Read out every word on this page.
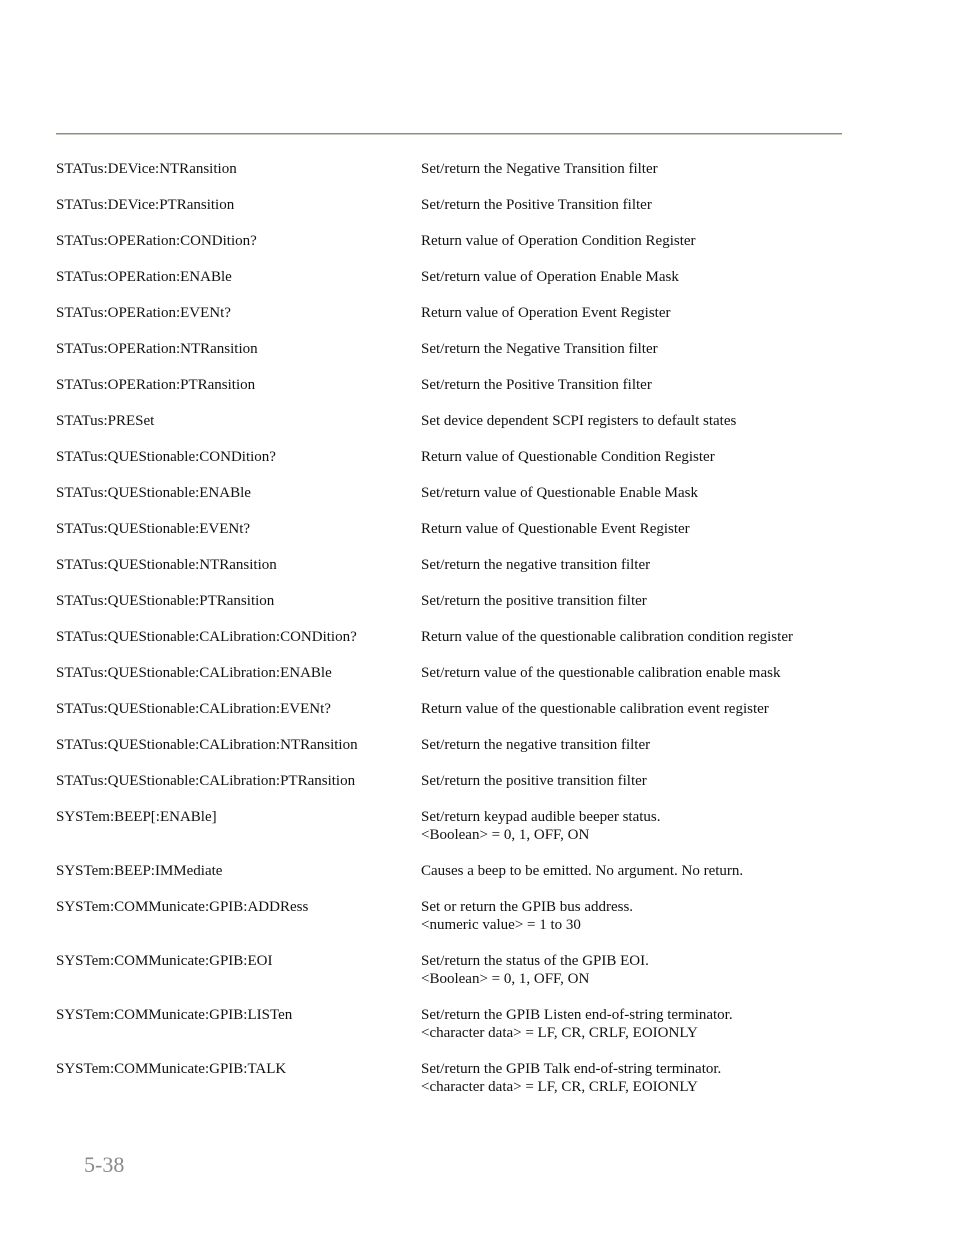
STATus:DEVice:NTRansition	Set/return the Negative Transition filter
STATus:DEVice:PTRansition	Set/return the Positive Transition filter
STATus:OPERation:CONDition?	Return value of Operation Condition Register
STATus:OPERation:ENABle	Set/return value of Operation Enable Mask
STATus:OPERation:EVENt?	Return value of Operation Event Register
STATus:OPERation:NTRansition	Set/return the Negative Transition filter
STATus:OPERation:PTRansition	Set/return the Positive Transition filter
STATus:PRESet	Set device dependent SCPI registers to default states
STATus:QUEStionable:CONDition?	Return value of Questionable Condition Register
STATus:QUEStionable:ENABle	Set/return value of Questionable Enable Mask
STATus:QUEStionable:EVENt?	Return value of Questionable Event Register
STATus:QUEStionable:NTRansition	Set/return the negative transition filter
STATus:QUEStionable:PTRansition	Set/return the positive transition filter
STATus:QUEStionable:CALibration:CONDition?	Return value of the questionable calibration condition register
STATus:QUEStionable:CALibration:ENABle	Set/return value of the questionable calibration enable mask
STATus:QUEStionable:CALibration:EVENt?	Return value of the questionable calibration event register
STATus:QUEStionable:CALibration:NTRansition	Set/return the negative transition filter
STATus:QUEStionable:CALibration:PTRansition	Set/return the positive transition filter
SYSTem:BEEP[:ENABle]	Set/return keypad audible beeper status.
<Boolean> = 0, 1, OFF, ON
SYSTem:BEEP:IMMediate	Causes a beep to be emitted. No argument. No return.
SYSTem:COMMunicate:GPIB:ADDRess	Set or return the GPIB bus address.
<numeric value> = 1 to 30
SYSTem:COMMunicate:GPIB:EOI	Set/return the status of the GPIB EOI.
<Boolean> = 0, 1, OFF, ON
SYSTem:COMMunicate:GPIB:LISTen	Set/return the GPIB Listen end-of-string terminator.
<character data> = LF, CR, CRLF, EOIONLY
SYSTem:COMMunicate:GPIB:TALK	Set/return the GPIB Talk end-of-string terminator.
<character data> = LF, CR, CRLF, EOIONLY
5-38
